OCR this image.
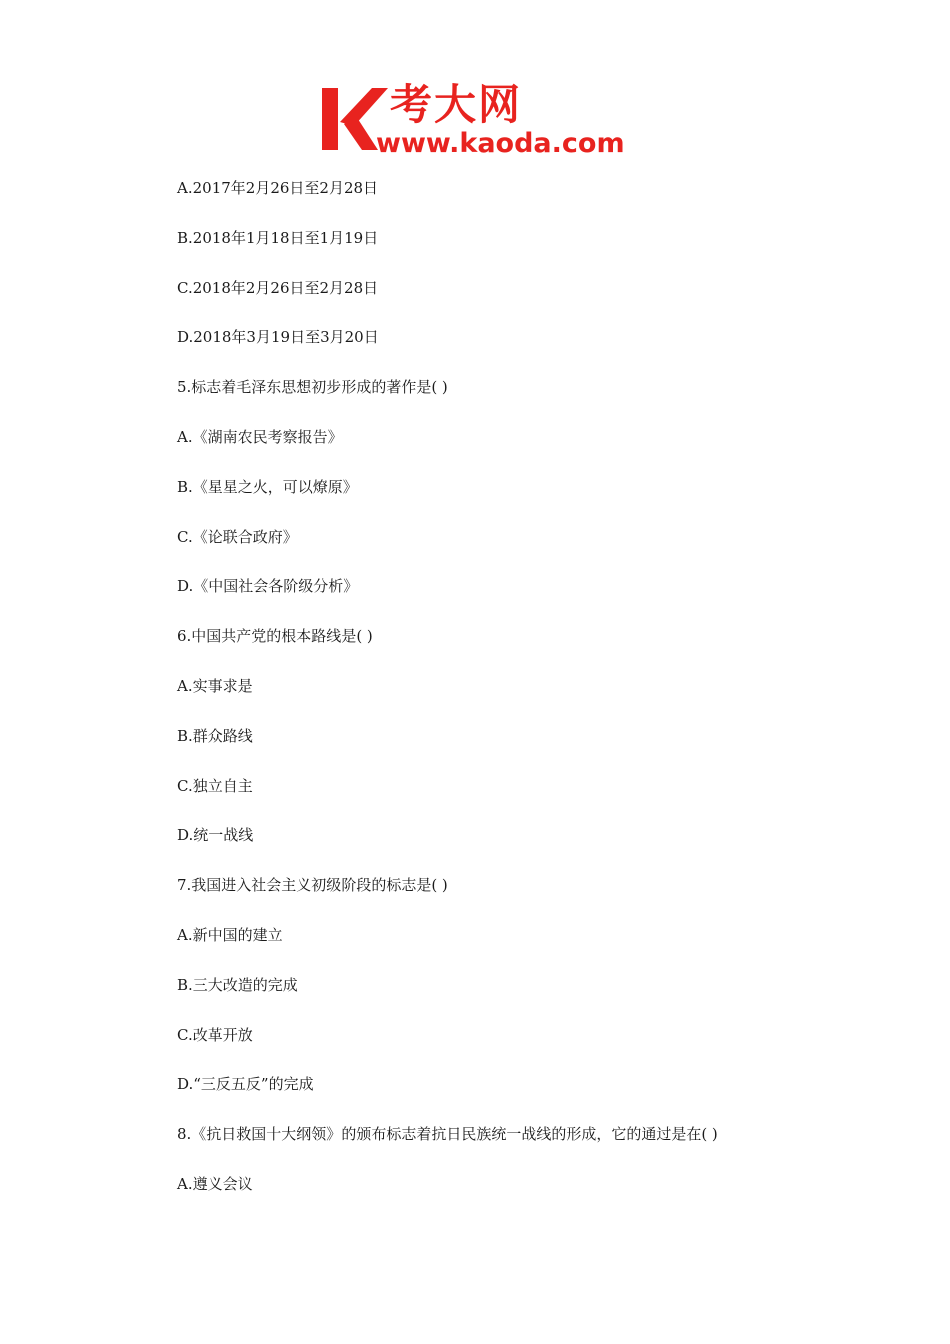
考大网
www.kaoda.com
A.2017年2月26日至2月28日
B.2018年1月18日至1月19日
C.2018年2月26日至2月28日
D.2018年3月19日至3月20日
5.标志着毛泽东思想初步形成的著作是( )
A.《湖南农民考察报告》
B.《星星之火，可以燎原》
C.《论联合政府》
D.《中国社会各阶级分析》
6.中国共产党的根本路线是( )
A.实事求是
B.群众路线
C.独立自主
D.统一战线
7.我国进入社会主义初级阶段的标志是( )
A.新中国的建立
B.三大改造的完成
C.改革开放
D.“三反五反”的完成
8.《抗日救国十大纲领》的颁布标志着抗日民族统一战线的形成，它的通过是在( )
A.遵义会议
